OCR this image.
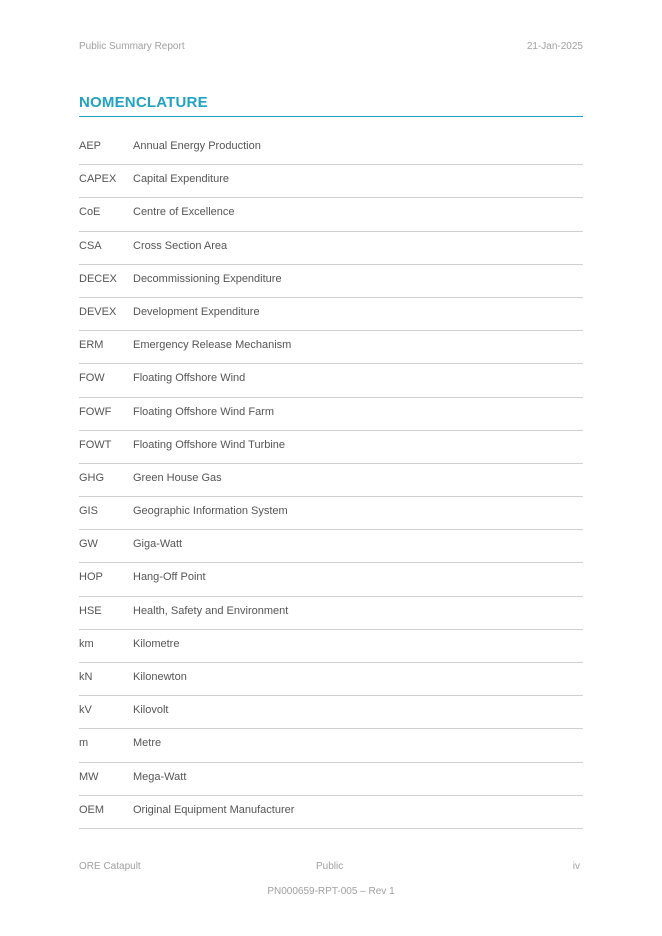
Public Summary Report	21-Jan-2025
NOMENCLATURE
AEP	Annual Energy Production
CAPEX Capital Expenditure
CoE	Centre of Excellence
CSA	Cross Section Area
DECEX Decommissioning Expenditure
DEVEX Development Expenditure
ERM	Emergency Release Mechanism
FOW	Floating Offshore Wind
FOWF Floating Offshore Wind Farm
FOWT Floating Offshore Wind Turbine
GHG	Green House Gas
GIS	Geographic Information System
GW	Giga-Watt
HOP	Hang-Off Point
HSE	Health, Safety and Environment
km	Kilometre
kN	Kilonewton
kV	Kilovolt
m	Metre
MW	Mega-Watt
OEM	Original Equipment Manufacturer
ORE Catapult	Public	iv
PN000659-RPT-005 – Rev 1
